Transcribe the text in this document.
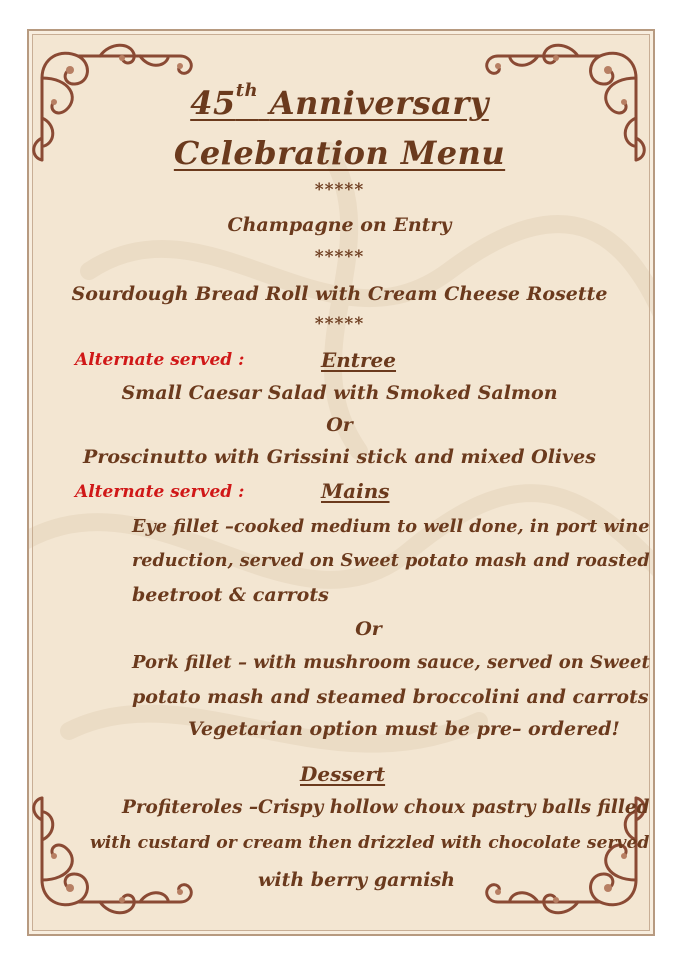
45th Anniversary
Celebration Menu
*****
Champagne on Entry
*****
Sourdough Bread Roll with Cream Cheese Rosette
*****
Alternate served :	Entree
Small Caesar Salad with Smoked Salmon
Or
Proscinutto with Grissini stick and mixed Olives
Alternate served :	Mains
Eye fillet –cooked medium to well done, in port wine
reduction, served on Sweet potato mash and roasted
beetroot & carrots
Or
Pork fillet – with mushroom sauce, served on Sweet
potato mash and steamed broccolini and carrots
Vegetarian option must be pre– ordered!
Dessert
Profiteroles –Crispy hollow choux pastry balls filled
with custard or cream then drizzled with chocolate served
with berry garnish
